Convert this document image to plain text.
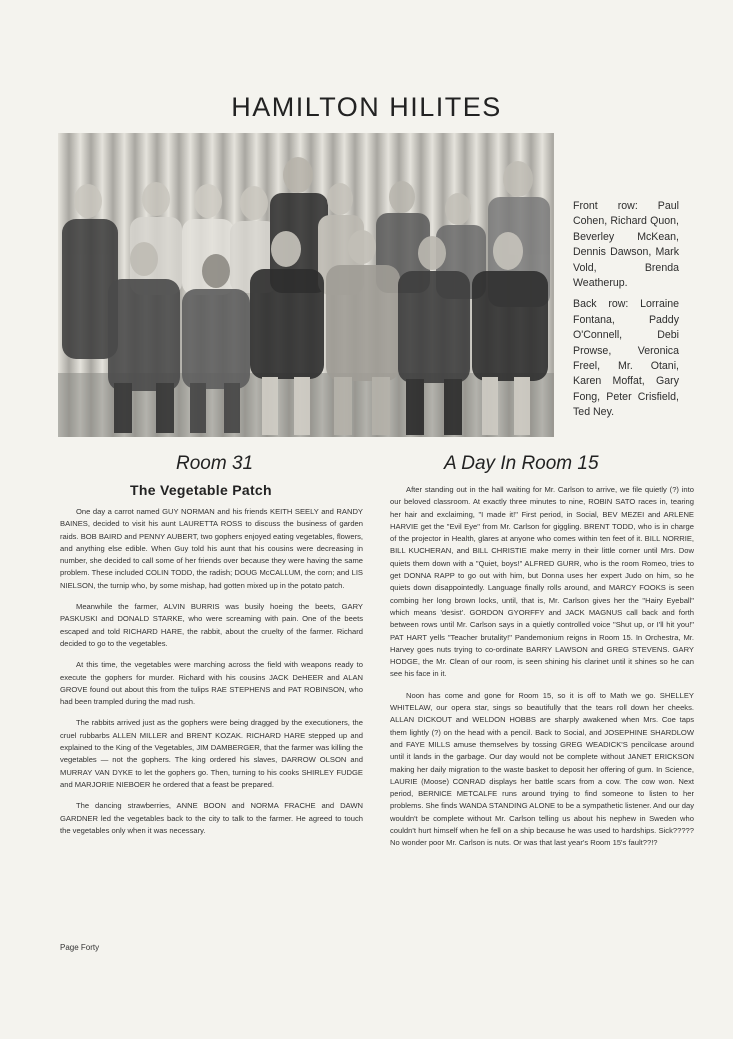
HAMILTON HILITES

Front row: Paul Cohen, Richard Quon, Beverley McKean, Dennis Dawson, Mark Vold, Brenda Weatherup.

Back row: Lorraine Fontana, Paddy O'Connell, Debi Prowse, Veronica Freel, Mr. Otani, Karen Moffat, Gary Fong, Peter Crisfield, Ted Ney.

Room 31
The Vegetable Patch

One day a carrot named GUY NORMAN and his friends KEITH SEELY and RANDY BAINES, decided to visit his aunt LAURETTA ROSS to discuss the business of garden raids. BOB BAIRD and PENNY AUBERT, two gophers enjoyed eating vegetables, flowers, and anything else edible. When Guy told his aunt that his cousins were decreasing in number, she decided to call some of her friends over because they were having the same problem. These included COLIN TODD, the radish; DOUG McCALLUM, the corn; and LIS NIELSON, the turnip who, by some mishap, had gotten mixed up in the potato patch.

Meanwhile the farmer, ALVIN BURRIS was busily hoeing the beets, GARY PASKUSKI and DONALD STARKE, who were screaming with pain. One of the beets escaped and told RICHARD HARE, the rabbit, about the cruelty of the farmer. Richard decided to go to the vegetables.

At this time, the vegetables were marching across the field with weapons ready to execute the gophers for murder. Richard with his cousins JACK DeHEER and ALAN GROVE found out about this from the tulips RAE STEPHENS and PAT ROBINSON, who had been trampled during the mad rush.

The rabbits arrived just as the gophers were being dragged by the executioners, the cruel rubbarbs ALLEN MILLER and BRENT KOZAK. RICHARD HARE stepped up and explained to the King of the Vegetables, JIM DAMBERGER, that the farmer was killing the vegetables — not the gophers. The king ordered his slaves, DARROW OLSON and MURRAY VAN DYKE to let the gophers go. Then, turning to his cooks SHIRLEY FUDGE and MARJORIE NIEBOER he ordered that a feast be prepared.

The dancing strawberries, ANNE BOON and NORMA FRACHE and DAWN GARDNER led the vegetables back to the city to talk to the farmer. He agreed to touch the vegetables only when it was necessary.

A Day In Room 15

After standing out in the hall waiting for Mr. Carlson to arrive, we file quietly (?) into our beloved classroom. At exactly three minutes to nine, ROBIN SATO races in, tearing her hair and exclaiming, "I made it!" First period, in Social, BEV MEZEI and ARLENE HARVIE get the "Evil Eye" from Mr. Carlson for giggling. BRENT TODD, who is in charge of the projector in Health, glares at anyone who comes within ten feet of it. BILL NORRIE, BILL KUCHERAN, and BILL CHRISTIE make merry in their little corner until Mrs. Dow quiets them down with a "Quiet, boys!" ALFRED GURR, who is the room Romeo, tries to get DONNA RAPP to go out with him, but Donna uses her expert Judo on him, so he quiets down disappointedly. Language finally rolls around, and MARCY FOOKS is seen combing her long brown locks, until, that is, Mr. Carlson gives her the "Hairy Eyeball" which means 'desist'. GORDON GYORFFY and JACK MAGNUS call back and forth between rows until Mr. Carlson says in a quietly controlled voice "Shut up, or I'll hit you!" PAT HART yells "Teacher brutality!" Pandemonium reigns in Room 15. In Orchestra, Mr. Harvey goes nuts trying to co-ordinate BARRY LAWSON and GREG STEVENS. GARY HODGE, the Mr. Clean of our room, is seen shining his clarinet until it shines so he can see his face in it.

Noon has come and gone for Room 15, so it is off to Math we go. SHELLEY WHITELAW, our opera star, sings so beautifully that the tears roll down her cheeks. ALLAN DICKOUT and WELDON HOBBS are sharply awakened when Mrs. Coe taps them lightly (?) on the head with a pencil. Back to Social, and JOSEPHINE SHARDLOW and FAYE MILLS amuse themselves by tossing GREG WEADICK'S pencilcase around until it lands in the garbage. Our day would not be complete without JANET ERICKSON making her daily migration to the waste basket to deposit her offering of gum. In Science, LAURIE (Moose) CONRAD displays her battle scars from a cow. The cow won. Next period, BERNICE METCALFE runs around trying to find someone to listen to her problems. She finds WANDA STANDING ALONE to be a sympathetic listener. And our day wouldn't be complete without Mr. Carlson telling us about his nephew in Sweden who couldn't hurt himself when he fell on a ship because he was used to hardships. Sick????? No wonder poor Mr. Carlson is nuts. Or was that last year's Room 15's fault??!?

Page Forty
